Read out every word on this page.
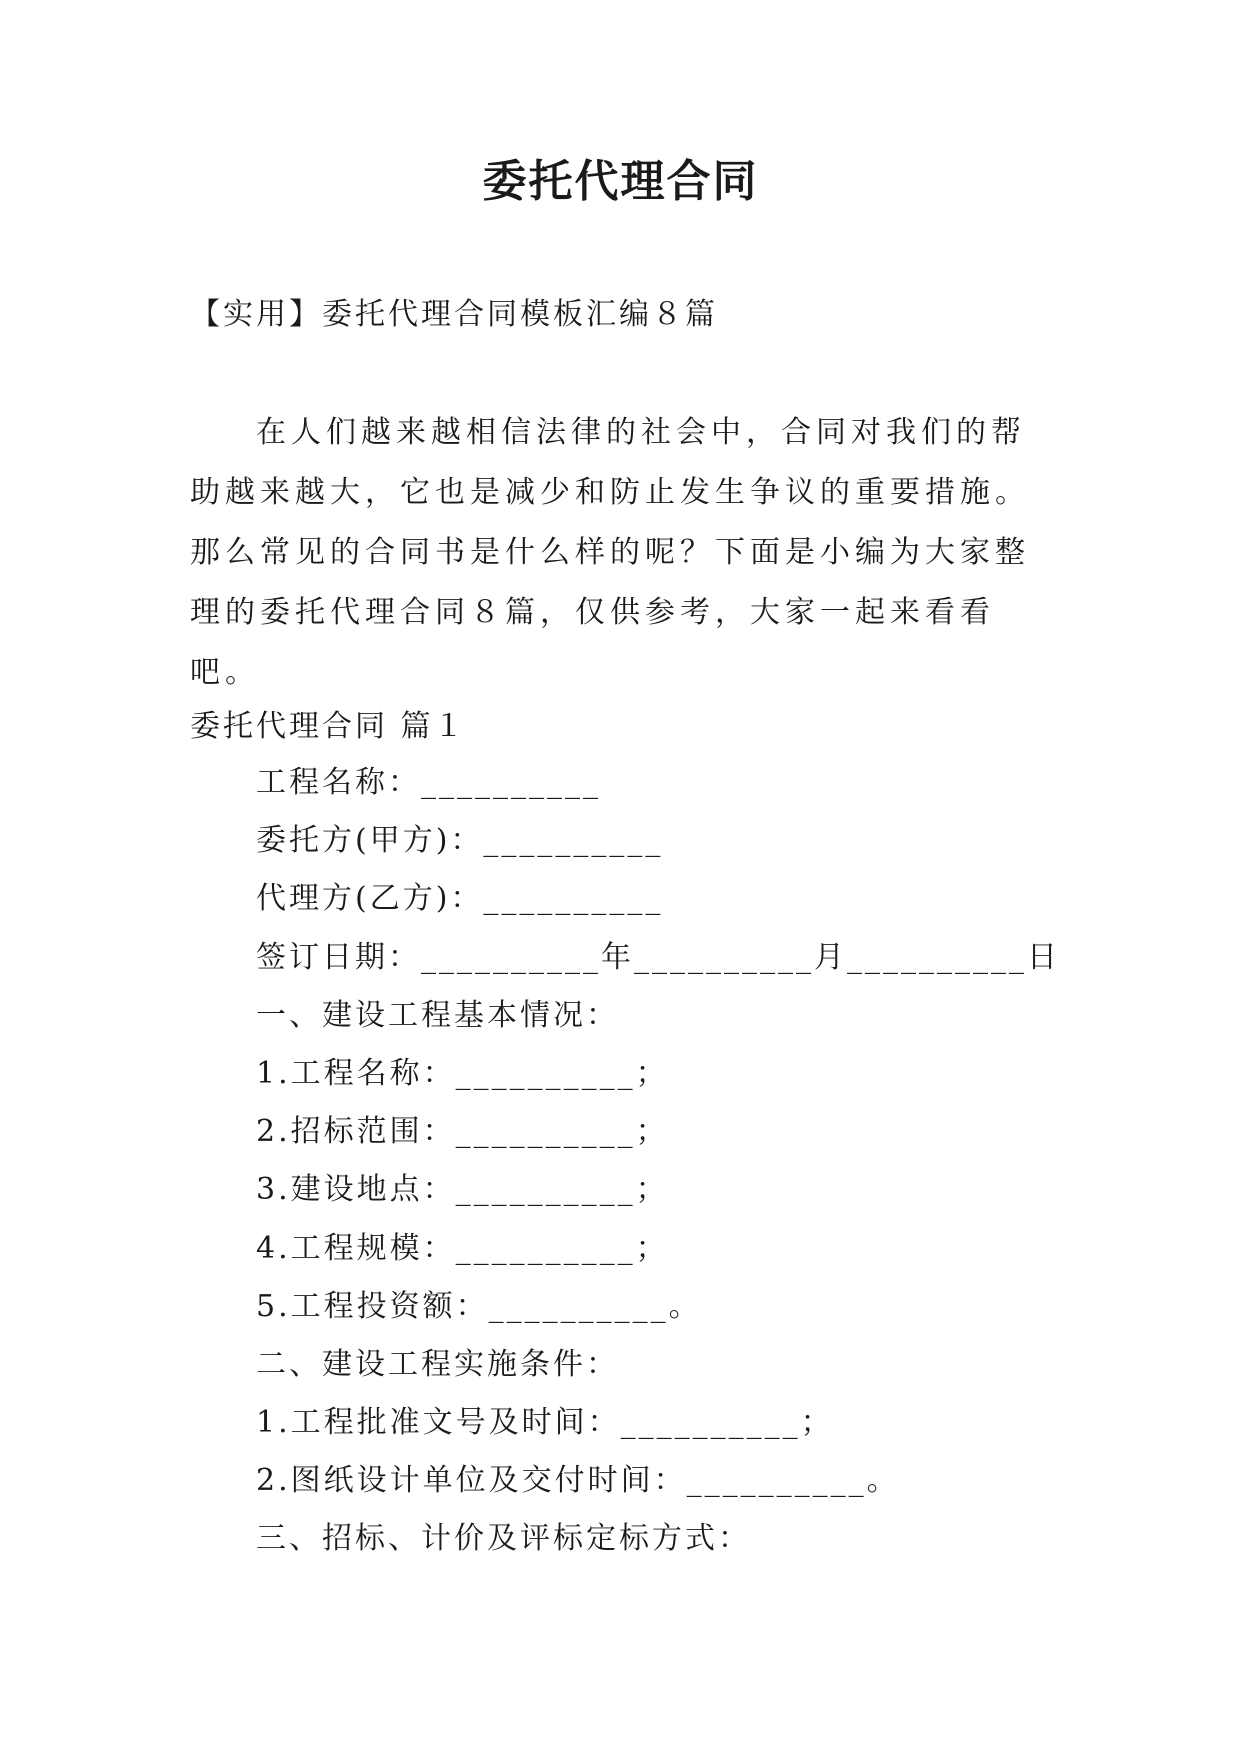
委托代理合同
【实用】委托代理合同模板汇编８篇

在人们越来越相信法律的社会中，合同对我们的帮助越来越大，它也是减少和防止发生争议的重要措施。那么常见的合同书是什么样的呢？下面是小编为大家整理的委托代理合同８篇，仅供参考，大家一起来看看吧。

委托代理合同 篇１
工程名称：__________
委托方(甲方)：__________
代理方(乙方)：__________
签订日期：__________年__________月__________日
一、建设工程基本情况：
1.工程名称：__________；
2.招标范围：__________；
3.建设地点：__________；
4.工程规模：__________；
5.工程投资额：__________。
二、建设工程实施条件：
1.工程批准文号及时间：__________；
2.图纸设计单位及交付时间：__________。
三、招标、计价及评标定标方式：
